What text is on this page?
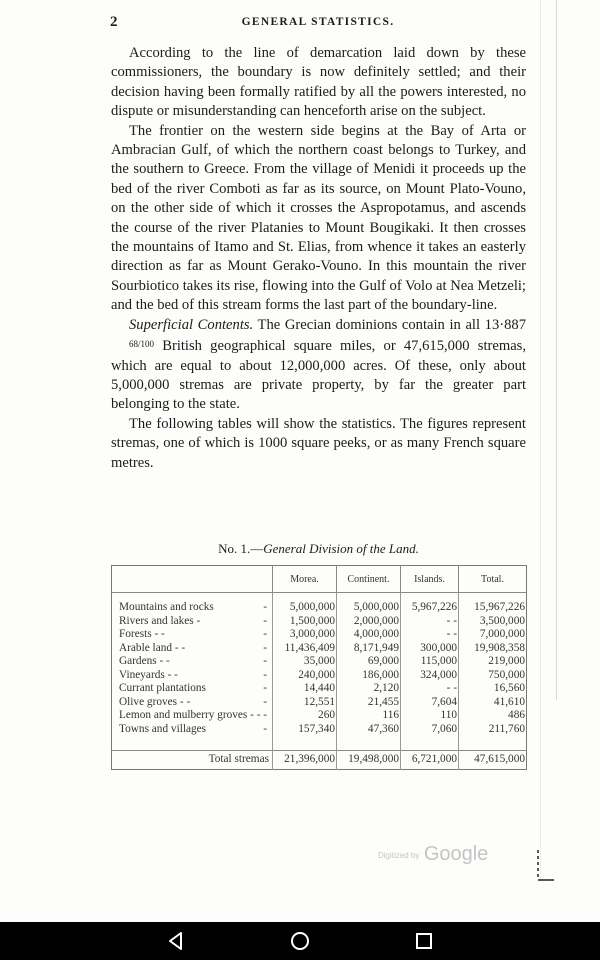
2	GENERAL STATISTICS.

According to the line of demarcation laid down by these commissioners, the boundary is now definitely settled; and their decision having been formally ratified by all the powers interested, no dispute or misunderstanding can henceforth arise on the subject.

The frontier on the western side begins at the Bay of Arta or Ambracian Gulf, of which the northern coast belongs to Turkey, and the southern to Greece. From the village of Menidi it proceeds up the bed of the river Comboti as far as its source, on Mount Plato-Vouno, on the other side of which it crosses the Aspropotamus, and ascends the course of the river Platanies to Mount Bougikaki. It then crosses the mountains of Itamo and St. Elias, from whence it takes an easterly direction as far as Mount Gerako-Vouno. In this mountain the river Sourbiotico takes its rise, flowing into the Gulf of Volo at Nea Metzeli; and the bed of this stream forms the last part of the boundary-line.

Superficial Contents. The Grecian dominions contain in all 13·88768/100 British geographical square miles, or 47,615,000 stremas, which are equal to about 12,000,000 acres. Of these, only about 5,000,000 stremas are private property, by far the greater part belonging to the state.

The following tables will show the statistics. The figures represent stremas, one of which is 1000 square peeks, or as many French square metres.

No. 1.—General Division of the Land.
	Morea.	Continent.	Islands.	Total.

-
Mountains and rocks	5,000,000	5,000,000	5,967,226	15,967,226

-
Rivers and lakes -	1,500,000	2,000,000	- -	3,500,000

-
Forests - -	3,000,000	4,000,000	- -	7,000,000

-
Arable land - -	11,436,409	8,171,949	300,000	19,908,358

-
Gardens - -	35,000	69,000	115,000	219,000

-
Vineyards - -	240,000	186,000	324,000	750,000

-
Currant plantations	14,440	2,120	- -	16,560

-
Olive groves - -	12,551	21,455	7,604	41,610

-
Lemon and mulberry groves - -	260	116	110	486

-
Towns and villages	157,340	47,360	7,060	211,760

Total stremas	21,396,000	19,498,000	6,721,000	47,615,000
Digitized by Google
